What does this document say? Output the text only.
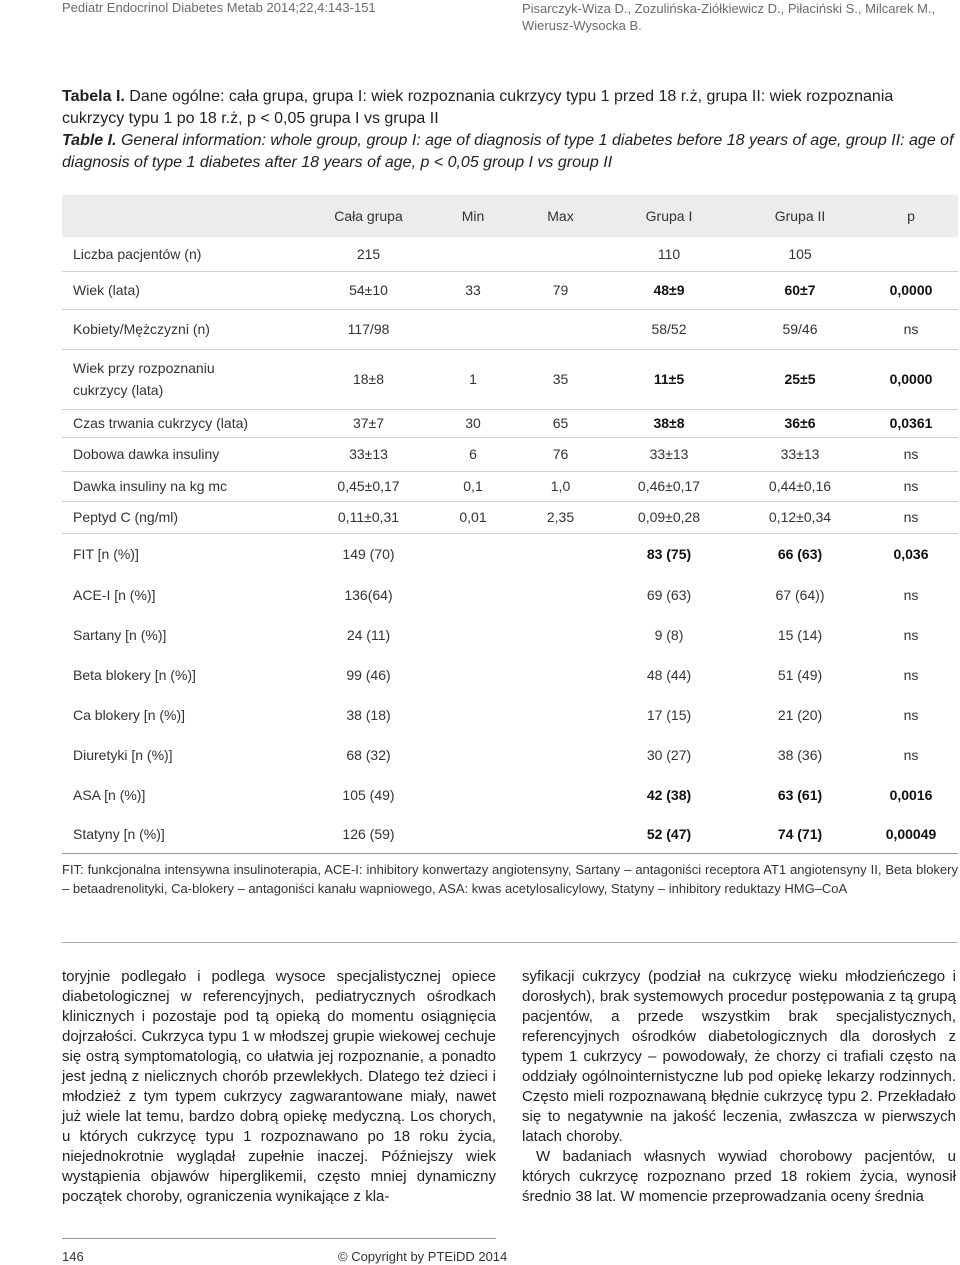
Pediatr Endocrinol Diabetes Metab 2014;22,4:143-151	Pisarczyk-Wiza D., Zozulińska-Ziółkiewicz D., Piłaciński S., Milcarek M., Wierusz-Wysocka B.
Tabela I. Dane ogólne: cała grupa, grupa I: wiek rozpoznania cukrzycy typu 1 przed 18 r.ż, grupa II: wiek rozpoznania cukrzycy typu 1 po 18 r.ż, p < 0,05 grupa I vs grupa II
Table I. General information: whole group, group I: age of diagnosis of type 1 diabetes before 18 years of age, group II: age of diagnosis of type 1 diabetes after 18 years of age, p < 0,05 group I vs group II
	Cała grupa	Min	Max	Grupa I	Grupa II	p
Liczba pacjentów (n)	215			110	105	
Wiek (lata)	54±10	33	79	48±9	60±7	0,0000
Kobiety/Mężczyzni (n)	117/98			58/52	59/46	ns
Wiek przy rozpoznaniu cukrzycy (lata)	18±8	1	35	11±5	25±5	0,0000
Czas trwania cukrzycy (lata)	37±7	30	65	38±8	36±6	0,0361
Dobowa dawka insuliny	33±13	6	76	33±13	33±13	ns
Dawka insuliny na kg mc	0,45±0,17	0,1	1,0	0,46±0,17	0,44±0,16	ns
Peptyd C (ng/ml)	0,11±0,31	0,01	2,35	0,09±0,28	0,12±0,34	ns
FIT [n (%)]	149 (70)			83 (75)	66 (63)	0,036
ACE-I [n (%)]	136(64)			69 (63)	67 (64))	ns
Sartany [n (%)]	24 (11)			9 (8)	15 (14)	ns
Beta blokery [n (%)]	99 (46)			48 (44)	51 (49)	ns
Ca blokery [n (%)]	38 (18)			17 (15)	21 (20)	ns
Diuretyki [n (%)]	68 (32)			30 (27)	38 (36)	ns
ASA [n (%)]	105 (49)			42 (38)	63 (61)	0,0016
Statyny [n (%)]	126 (59)			52 (47)	74 (71)	0,00049
FIT: funkcjonalna intensywna insulinoterapia, ACE-I: inhibitory konwertazy angiotensyny, Sartany – antagoniści receptora AT1 angiotensyny II, Beta blokery – betaadrenolityki, Ca-blokery – antagoniści kanału wapniowego, ASA: kwas acetylosalicylowy, Statyny – inhibitory reduktazy HMG–CoA

toryjnie podlegało i podlega wysoce specjalistycznej opiece diabetologicznej w referencyjnych, pediatrycznych ośrodkach klinicznych i pozostaje pod tą opieką do momentu osiągnięcia dojrzałości. Cukrzyca typu 1 w młodszej grupie wiekowej cechuje się ostrą symptomatologią, co ułatwia jej rozpoznanie, a ponadto jest jedną z nielicznych chorób przewlekłych. Dlatego też dzieci i młodzież z tym typem cukrzycy zagwarantowane miały, nawet już wiele lat temu, bardzo dobrą opiekę medyczną. Los chorych, u których cukrzycę typu 1 rozpoznawano po 18 roku życia, niejednokrotnie wyglądał zupełnie inaczej. Późniejszy wiek wystąpienia objawów hiperglikemii, często mniej dynamiczny początek choroby, ograniczenia wynikające z kla-

syfikacji cukrzycy (podział na cukrzycę wieku młodzieńczego i dorosłych), brak systemowych procedur postępowania z tą grupą pacjentów, a przede wszystkim brak specjalistycznych, referencyjnych ośrodków diabetologicznych dla dorosłych z typem 1 cukrzycy – powodowały, że chorzy ci trafiali często na oddziały ogólnointernistyczne lub pod opiekę lekarzy rodzinnych. Często mieli rozpoznawaną błędnie cukrzycę typu 2. Przekładało się to negatywnie na jakość leczenia, zwłaszcza w pierwszych latach choroby.

W badaniach własnych wywiad chorobowy pacjentów, u których cukrzycę rozpoznano przed 18 rokiem życia, wynosił średnio 38 lat. W momencie przeprowadzania oceny średnia

146	© Copyright by PTEiDD 2014
